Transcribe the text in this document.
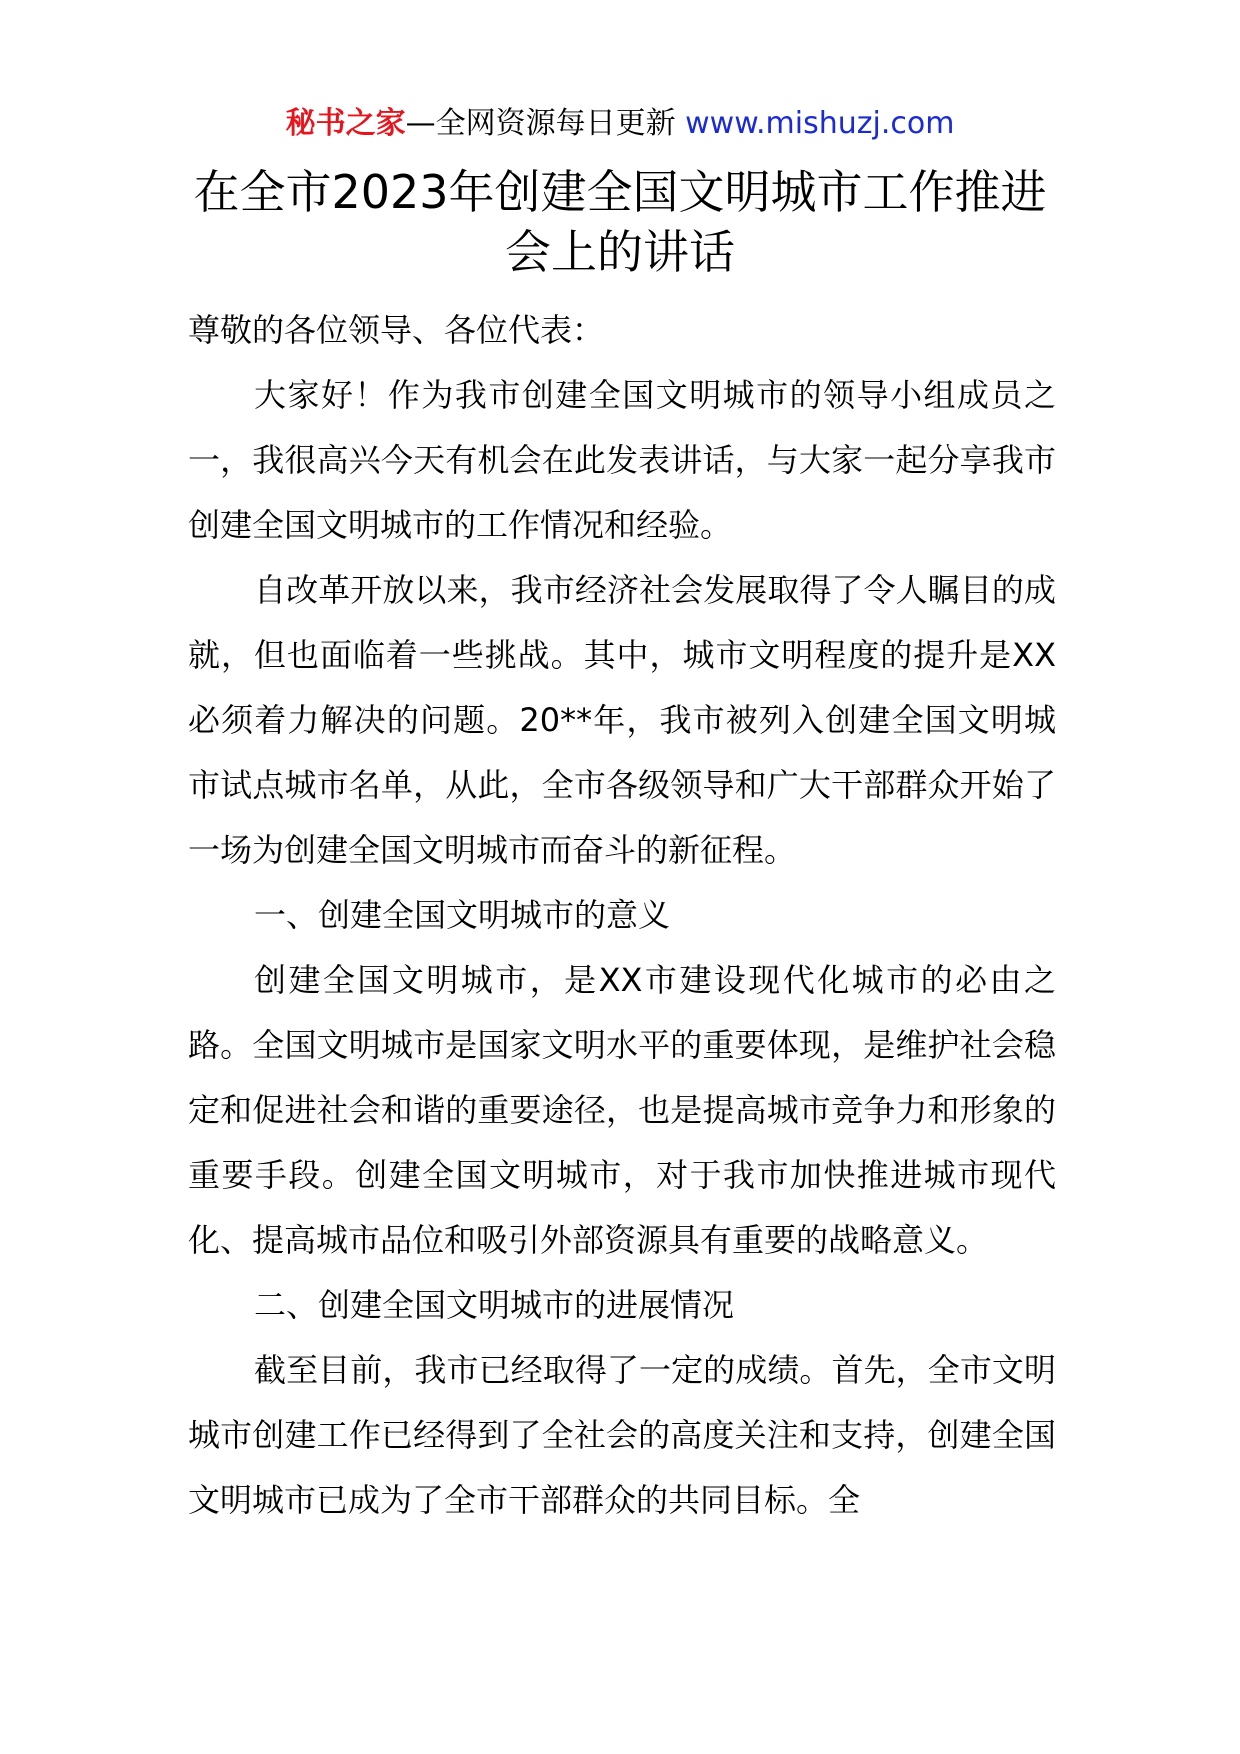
秘书之家—全网资源每日更新 www.mishuzj.com
在全市2023年创建全国文明城市工作推进会上的讲话

尊敬的各位领导、各位代表：

大家好！作为我市创建全国文明城市的领导小组成员之一，我很高兴今天有机会在此发表讲话，与大家一起分享我市创建全国文明城市的工作情况和经验。

自改革开放以来，我市经济社会发展取得了令人瞩目的成就，但也面临着一些挑战。其中，城市文明程度的提升是XX必须着力解决的问题。20**年，我市被列入创建全国文明城市试点城市名单，从此，全市各级领导和广大干部群众开始了一场为创建全国文明城市而奋斗的新征程。

一、创建全国文明城市的意义

创建全国文明城市，是XX市建设现代化城市的必由之路。全国文明城市是国家文明水平的重要体现，是维护社会稳定和促进社会和谐的重要途径，也是提高城市竞争力和形象的重要手段。创建全国文明城市，对于我市加快推进城市现代化、提高城市品位和吸引外部资源具有重要的战略意义。

二、创建全国文明城市的进展情况

截至目前，我市已经取得了一定的成绩。首先，全市文明城市创建工作已经得到了全社会的高度关注和支持，创建全国文明城市已成为了全市干部群众的共同目标。全
